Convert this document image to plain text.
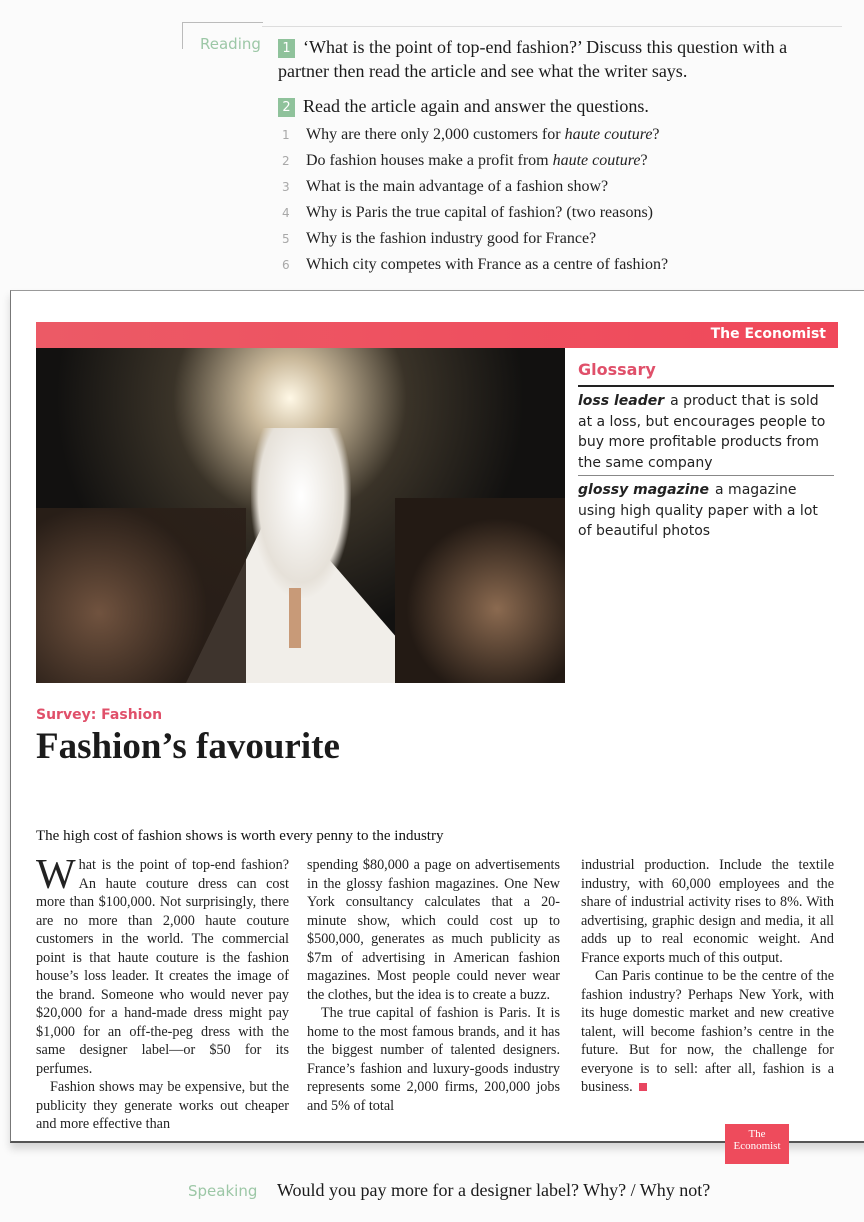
Reading	1 ‘What is the point of top-end fashion?’ Discuss this question with a partner then read the article and see what the writer says.
2 Read the article again and answer the questions.
1 Why are there only 2,000 customers for haute couture?
2 Do fashion houses make a profit from haute couture?
3 What is the main advantage of a fashion show?
4 Why is Paris the true capital of fashion? (two reasons)
5 Why is the fashion industry good for France?
6 Which city competes with France as a centre of fashion?
The Economist
Glossary
loss leader a product that is sold at a loss, but encourages people to buy more profitable products from the same company
glossy magazine a magazine using high quality paper with a lot of beautiful photos
Survey: Fashion
Fashion’s favourite
The high cost of fashion shows is worth every penny to the industry

What is the point of top-end fashion? An haute couture dress can cost more than $100,000. Not surprisingly, there are no more than 2,000 haute couture customers in the world. The commercial point is that haute couture is the fashion house’s loss leader. It creates the image of the brand. Someone who would never pay $20,000 for a hand-made dress might pay $1,000 for an off-the-peg dress with the same designer label—or $50 for its perfumes.

Fashion shows may be expensive, but the publicity they generate works out cheaper and more effective than

spending $80,000 a page on advertisements in the glossy fashion magazines. One New York consultancy calculates that a 20-minute show, which could cost up to $500,000, generates as much publicity as $7m of advertising in American fashion magazines. Most people could never wear the clothes, but the idea is to create a buzz.

The true capital of fashion is Paris. It is home to the most famous brands, and it has the biggest number of talented designers. France’s fashion and luxury-goods industry represents some 2,000 firms, 200,000 jobs and 5% of total

industrial production. Include the textile industry, with 60,000 employees and the share of industrial activity rises to 8%. With advertising, graphic design and media, it all adds up to real economic weight. And France exports much of this output.

Can Paris continue to be the centre of the fashion industry? Perhaps New York, with its huge domestic market and new creative talent, will become fashion’s centre in the future. But for now, the challenge for everyone is to sell: after all, fashion is a business.

The Economist
Speaking Would you pay more for a designer label? Why? / Why not?
